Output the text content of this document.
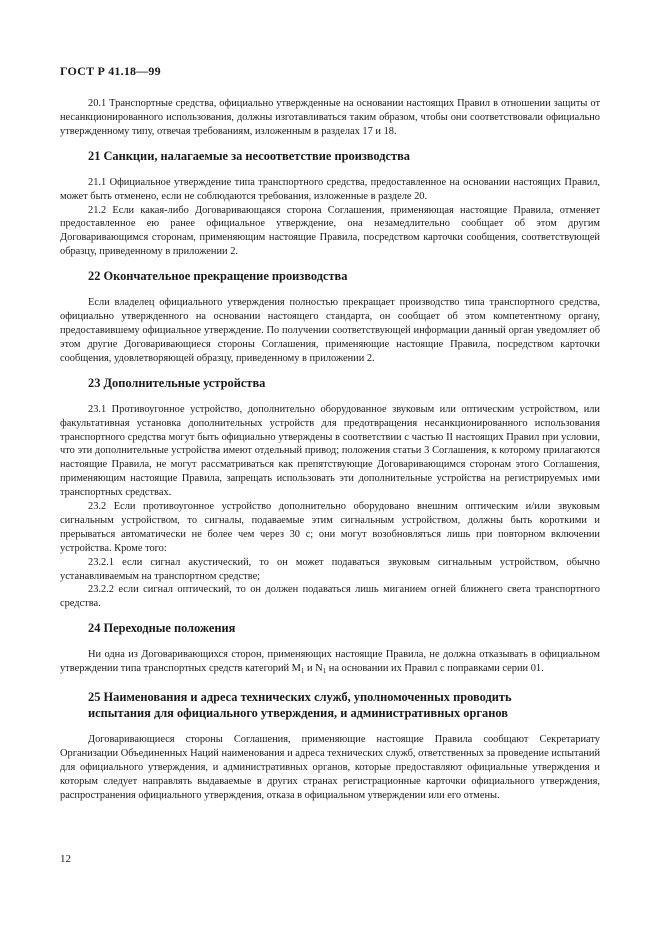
ГОСТ Р 41.18—99

20.1 Транспортные средства, официально утвержденные на основании настоящих Правил в отношении защиты от несанкционированного использования, должны изготавливаться таким образом, чтобы они соответствовали официально утвержденному типу, отвечая требованиям, изложенным в разделах 17 и 18.

21 Санкции, налагаемые за несоответствие производства

21.1 Официальное утверждение типа транспортного средства, предоставленное на основании настоящих Правил, может быть отменено, если не соблюдаются требования, изложенные в разделе 20.

21.2 Если какая-либо Договаривающаяся сторона Соглашения, применяющая настоящие Правила, отменяет предоставленное ею ранее официальное утверждение, она незамедлительно сообщает об этом другим Договаривающимся сторонам, применяющим настоящие Правила, посредством карточки сообщения, соответствующей образцу, приведенному в приложении 2.

22 Окончательное прекращение производства

Если владелец официального утверждения полностью прекращает производство типа транспортного средства, официально утвержденного на основании настоящего стандарта, он сообщает об этом компетентному органу, предоставившему официальное утверждение. По получении соответствующей информации данный орган уведомляет об этом другие Договаривающиеся стороны Соглашения, применяющие настоящие Правила, посредством карточки сообщения, удовлетворяющей образцу, приведенному в приложении 2.

23 Дополнительные устройства

23.1 Противоугонное устройство, дополнительно оборудованное звуковым или оптическим устройством, или факультативная установка дополнительных устройств для предотвращения несанкционированного использования транспортного средства могут быть официально утверждены в соответствии с частью II настоящих Правил при условии, что эти дополнительные устройства имеют отдельный привод; положения статьи 3 Соглашения, к которому прилагаются настоящие Правила, не могут рассматриваться как препятствующие Договаривающимся сторонам этого Соглашения, применяющим настоящие Правила, запрещать использовать эти дополнительные устройства на регистрируемых ими транспортных средствах.

23.2 Если противоугонное устройство дополнительно оборудовано внешним оптическим и/или звуковым сигнальным устройством, то сигналы, подаваемые этим сигнальным устройством, должны быть короткими и прерываться автоматически не более чем через 30 с; они могут возобновляться лишь при повторном включении устройства. Кроме того:

23.2.1 если сигнал акустический, то он может подаваться звуковым сигнальным устройством, обычно устанавливаемым на транспортном средстве;

23.2.2 если сигнал оптический, то он должен подаваться лишь миганием огней ближнего света транспортного средства.

24 Переходные положения

Ни одна из Договаривающихся сторон, применяющих настоящие Правила, не должна отказывать в официальном утверждении типа транспортных средств категорий $M_1$ и $N_1$ на основании их Правил с поправками серии 01.

25 Наименования и адреса технических служб, уполномоченных проводить
испытания для официального утверждения, и административных органов

Договаривающиеся стороны Соглашения, применяющие настоящие Правила сообщают Секретариату Организации Объединенных Наций наименования и адреса технических служб, ответственных за проведение испытаний для официального утверждения, и административных органов, которые предоставляют официальные утверждения и которым следует направлять выдаваемые в других странах регистрационные карточки официального утверждения, распространения официального утверждения, отказа в официальном утверждении или его отмены.

12
